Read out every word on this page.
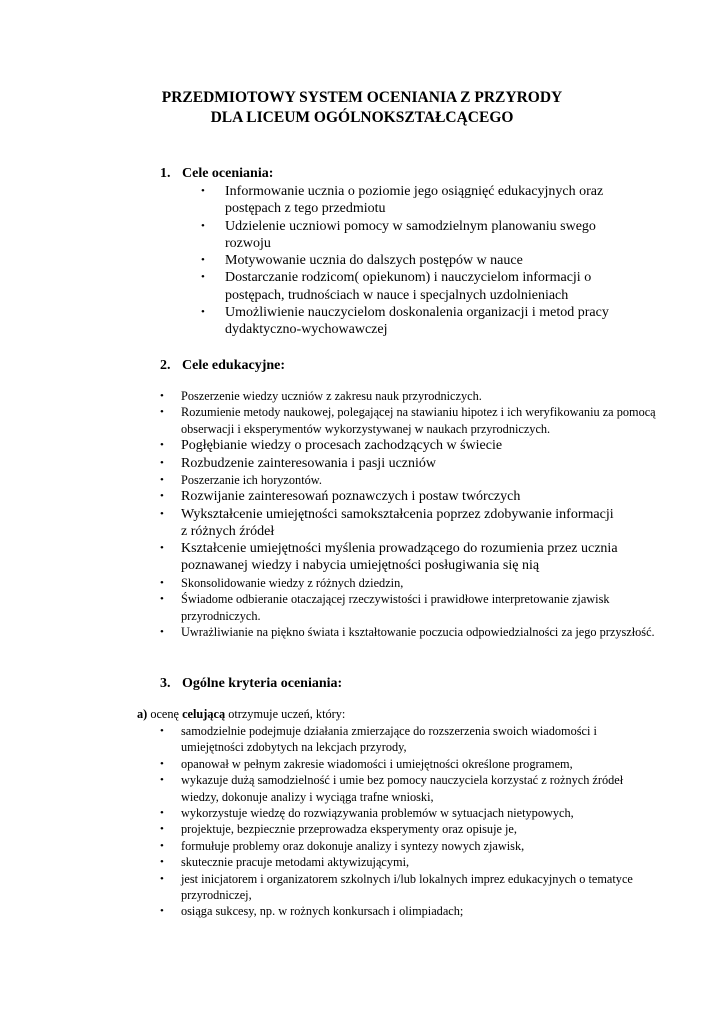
PRZEDMIOTOWY SYSTEM OCENIANIA Z PRZYRODY
DLA LICEUM OGÓLNOKSZTAŁCĄCEGO
1. Cele oceniania:
• Informowanie ucznia o poziomie jego osiągnięć edukacyjnych oraz postępach z tego przedmiotu
• Udzielenie uczniowi pomocy w samodzielnym planowaniu swego rozwoju
• Motywowanie ucznia do dalszych postępów w nauce
• Dostarczanie rodzicom( opiekunom) i nauczycielom informacji o postępach, trudnościach w nauce i specjalnych uzdolnieniach
• Umożliwienie nauczycielom doskonalenia organizacji i metod pracy dydaktyczno-wychowawczej
2. Cele edukacyjne:
• Poszerzenie wiedzy uczniów z zakresu nauk przyrodniczych.
• Rozumienie metody naukowej, polegającej na stawianiu hipotez i ich weryfikowaniu za pomocą obserwacji i eksperymentów wykorzystywanej w naukach przyrodniczych.
• Pogłębianie wiedzy o procesach zachodzących w świecie
• Rozbudzenie zainteresowania i pasji uczniów
• Poszerzanie ich horyzontów.
• Rozwijanie zainteresowań poznawczych i postaw twórczych
• Wykształcenie umiejętności samokształcenia poprzez zdobywanie informacji
z różnych źródeł
• Kształcenie umiejętności myślenia prowadzącego do rozumienia przez ucznia poznawanej wiedzy i nabycia umiejętności posługiwania się nią
• Skonsolidowanie wiedzy z różnych dziedzin,
• Świadome odbieranie otaczającej rzeczywistości i prawidłowe interpretowanie zjawisk przyrodniczych.
• Uwrażliwianie na piękno świata i kształtowanie poczucia odpowiedzialności za jego przyszłość.
3. Ogólne kryteria oceniania:

a) ocenę celującą otrzymuje uczeń, który:

• samodzielnie podejmuje działania zmierzające do rozszerzenia swoich wiadomości i umiejętności zdobytych na lekcjach przyrody,
• opanował w pełnym zakresie wiadomości i umiejętności określone programem,
• wykazuje dużą samodzielność i umie bez pomocy nauczyciela korzystać z rożnych źródeł
wiedzy, dokonuje analizy i wyciąga trafne wnioski,
• wykorzystuje wiedzę do rozwiązywania problemów w sytuacjach nietypowych,
• projektuje, bezpiecznie przeprowadza eksperymenty oraz opisuje je,
• formułuje problemy oraz dokonuje analizy i syntezy nowych zjawisk,
• skutecznie pracuje metodami aktywizującymi,
• jest inicjatorem i organizatorem szkolnych i/lub lokalnych imprez edukacyjnych o tematyce
przyrodniczej,
• osiąga sukcesy, np. w rożnych konkursach i olimpiadach;
